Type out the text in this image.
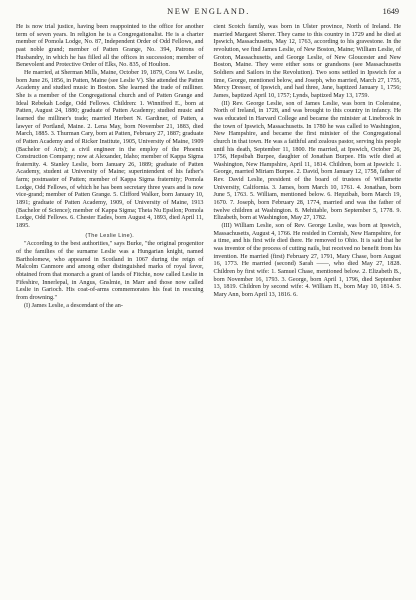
NEW ENGLAND.	1649

He is now trial justice, having been reappointed to the office for another term of seven years. In religion he is a Congregationalist. He is a charter member of Pomola Lodge, No. 87, Independent Order of Odd Fellows, and past noble grand; member of Patten Grange, No. 394, Patrons of Husbandry, in which he has filled all the offices in succession; member of Benevolent and Protective Order of Elks, No. 835, of Houlton.

He married, at Sherman Mills, Maine, October 19, 1879, Cora W. Leslie, born June 26, 1856, in Patten, Maine (see Leslie V). She attended the Patten Academy and studied music in Boston. She learned the trade of milliner. She is a member of the Congregational church and of Patten Grange and Ideal Rebekah Lodge, Odd Fellows. Children: 1. Winnifred E., born at Patten, August 24, 1880; graduate of Patten Academy; studied music and learned the milliner's trade; married Herbert N. Gardiner, of Patten, a lawyer of Portland, Maine. 2. Lena May, born November 21, 1883, died March, 1885. 3. Thurman Cary, born at Patten, February 27, 1887; graduate of Patten Academy and of Ricker Institute, 1905, University of Maine, 1909 (Bachelor of Arts); a civil engineer in the employ of the Phoenix Construction Company; now at Alexander, Idaho; member of Kappa Sigma fraternity. 4. Stanley Leslie, born January 26, 1889; graduate of Patten Academy, student at University of Maine; superintendent of his father's farm; postmaster of Patten; member of Kappa Sigma fraternity; Pomola Lodge, Odd Fellows, of which he has been secretary three years and is now vice-grand; member of Patten Grange. 5. Clifford Walker, born January 10, 1891; graduate of Patten Academy, 1909, of University of Maine, 1913 (Bachelor of Science); member of Kappa Sigma; Theta Nu Epsilon; Pomola Lodge, Odd Fellows. 6. Chester Eades, born August 4, 1893, died April 11, 1895.

(The Leslie Line).

"According to the best authorities," says Burke, "the original progenitor of the families of the surname Leslie was a Hungarian knight, named Bartholomew, who appeared in Scotland in 1067 during the reign of Malcolm Canmore and among other distinguished marks of royal favor, obtained from that monarch a grant of lands of Fitchie, now called Leslie in Fifeshire, Innerlepal, in Angus, Gnslmie, in Marr and those now called Leslie in Garioch. His coat-of-arms commemorates his feat in rescuing from drowning."

(I) James Leslie, a descendant of the an-

cient Scotch family, was born in Ulster province, North of Ireland. He married Margaret Sherer. They came to this country in 1729 and he died at Ipswich, Massachusetts, May 12, 1763, according to his gravestone. In the revolution, we find James Leslie, of New Boston, Maine; William Leslie, of Groton, Massachusetts, and George Leslie, of New Gloucester and New Boston, Maine. They were either sons or grandsons (see Massachusetts Soldiers and Sailors in the Revolution). Two sons settled in Ipswich for a time, George, mentioned below, and Joseph, who married, March 27, 1755, Mercy Dresser, of Ipswich, and had three, Jane, baptized January 1, 1756; James, baptized April 10, 1757; Lynds, baptized May 13, 1759.

(II) Rev. George Leslie, son of James Leslie, was born in Coleraine, North of Ireland, in 1728, and was brought to this country in infancy. He was educated in Harvard College and became the minister at Linebrook in the town of Ipswich, Massachusetts. In 1780 he was called to Washington, New Hampshire, and became the first minister of the Congregational church in that town. He was a faithful and zealous pastor, serving his people until his death, September 11, 1800. He married, at Ipswich, October 26, 1756, Hepsibah Burpee, daughter of Jonathan Burpee. His wife died at Washington, New Hampshire, April 11, 1814. Children, born at Ipswich: 1. George, married Miriam Burpee. 2. David, born January 12, 1758, father of Rev. David Leslie, president of the board of trustees of Willamette University, California. 3. James, born March 10, 1761. 4. Jonathan, born June 5, 1763. 5. William, mentioned below. 6. Hepzibah, born March 19, 1670. 7. Joseph, born February 28, 1774, married and was the father of twelve children at Washington. 8. Mehitable, born September 5, 1778. 9. Elizabeth, born at Washington, May 27, 1782.

(III) William Leslie, son of Rev. George Leslie, was born at Ipswich, Massachusetts, August 4, 1766. He resided in Cornish, New Hampshire, for a time, and his first wife died there. He removed to Ohio. It is said that he was inventor of the process of cutting nails, but received no benefit from his invention. He married (first) February 27, 1791, Mary Chase, born August 16, 1773. He married (second) Sarah ——, who died May 27, 1828. Children by first wife: 1. Samuel Chase, mentioned below. 2. Elizabeth B., born November 16, 1793. 3. George, born April 1, 1796, died September 13, 1819. Children by second wife: 4. William H., born May 10, 1814. 5. Mary Ann, born April 13, 1816. 6.
